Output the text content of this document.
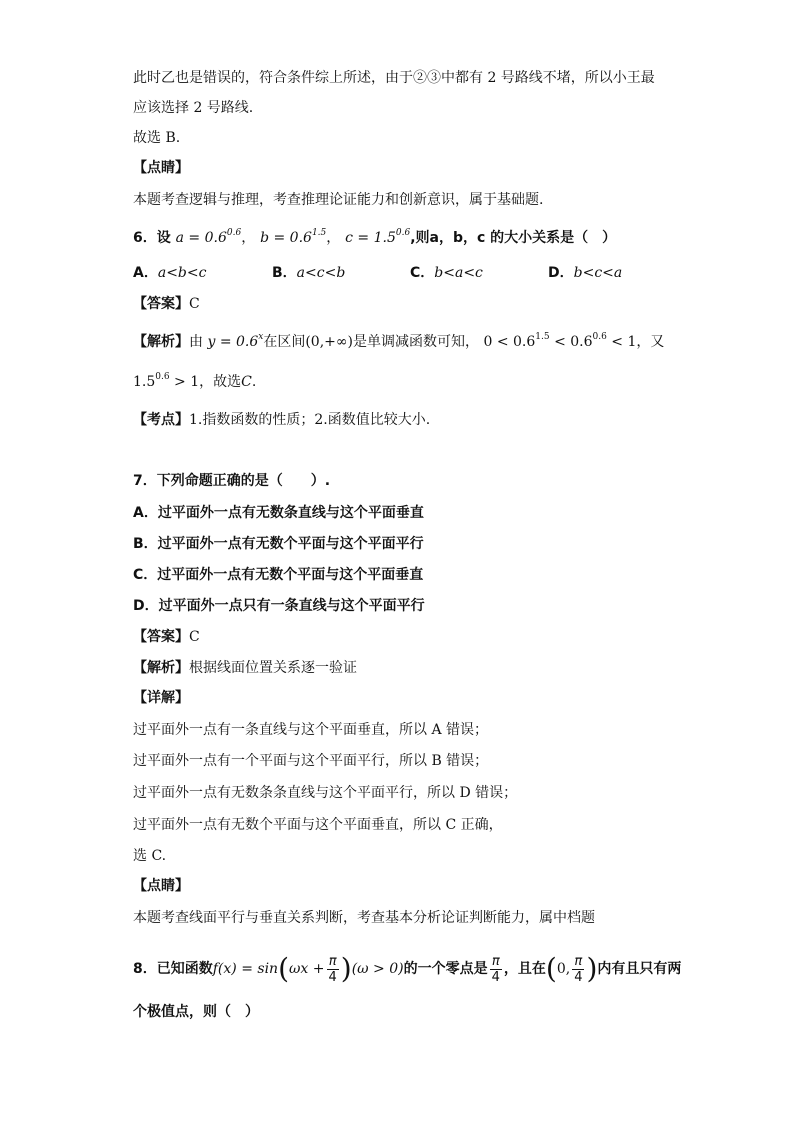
此时乙也是错误的，符合条件综上所述，由于②③中都有 2 号路线不堵，所以小王最
应该选择 2 号路线.
故选 B.
【点睛】
本题考查逻辑与推理，考查推理论证能力和创新意识，属于基础题.
6．设 $a = 0.6^{0.6}$， $b = 0.6^{1.5}$， $c = 1.5^{0.6}$,则a，b，c 的大小关系是（　）
A．a<b<c	B．a<c<b	C．b<a<c	D．b<c<a
【答案】C
【解析】由 $y = 0.6^x$在区间(0,+∞)是单调减函数可知， $0 < 0.6^{1.5} < 0.6^{0.6} < 1$，又
$1.5^{0.6} > 1$，故选C.
【考点】1.指数函数的性质；2.函数值比较大小.
7．下列命题正确的是（　　）.
A．过平面外一点有无数条直线与这个平面垂直
B．过平面外一点有无数个平面与这个平面平行
C．过平面外一点有无数个平面与这个平面垂直
D．过平面外一点只有一条直线与这个平面平行
【答案】C
【解析】根据线面位置关系逐一验证
【详解】
过平面外一点有一条直线与这个平面垂直，所以 A 错误；
过平面外一点有一个平面与这个平面平行，所以 B 错误；
过平面外一点有无数条条直线与这个平面平行，所以 D 错误；
过平面外一点有无数个平面与这个平面垂直，所以 C 正确，
选 C.
【点睛】
本题考查线面平行与垂直关系判断，考查基本分析论证判断能力，属中档题
8．已知函数$f(x) = \sin(\omega x + \frac{\pi}{4} )(\omega > 0)$的一个零点是 $\frac{\pi}{4}$ ，且在(0, $\frac{\pi}{4}$ )内有且只有两
个极值点，则（　）
